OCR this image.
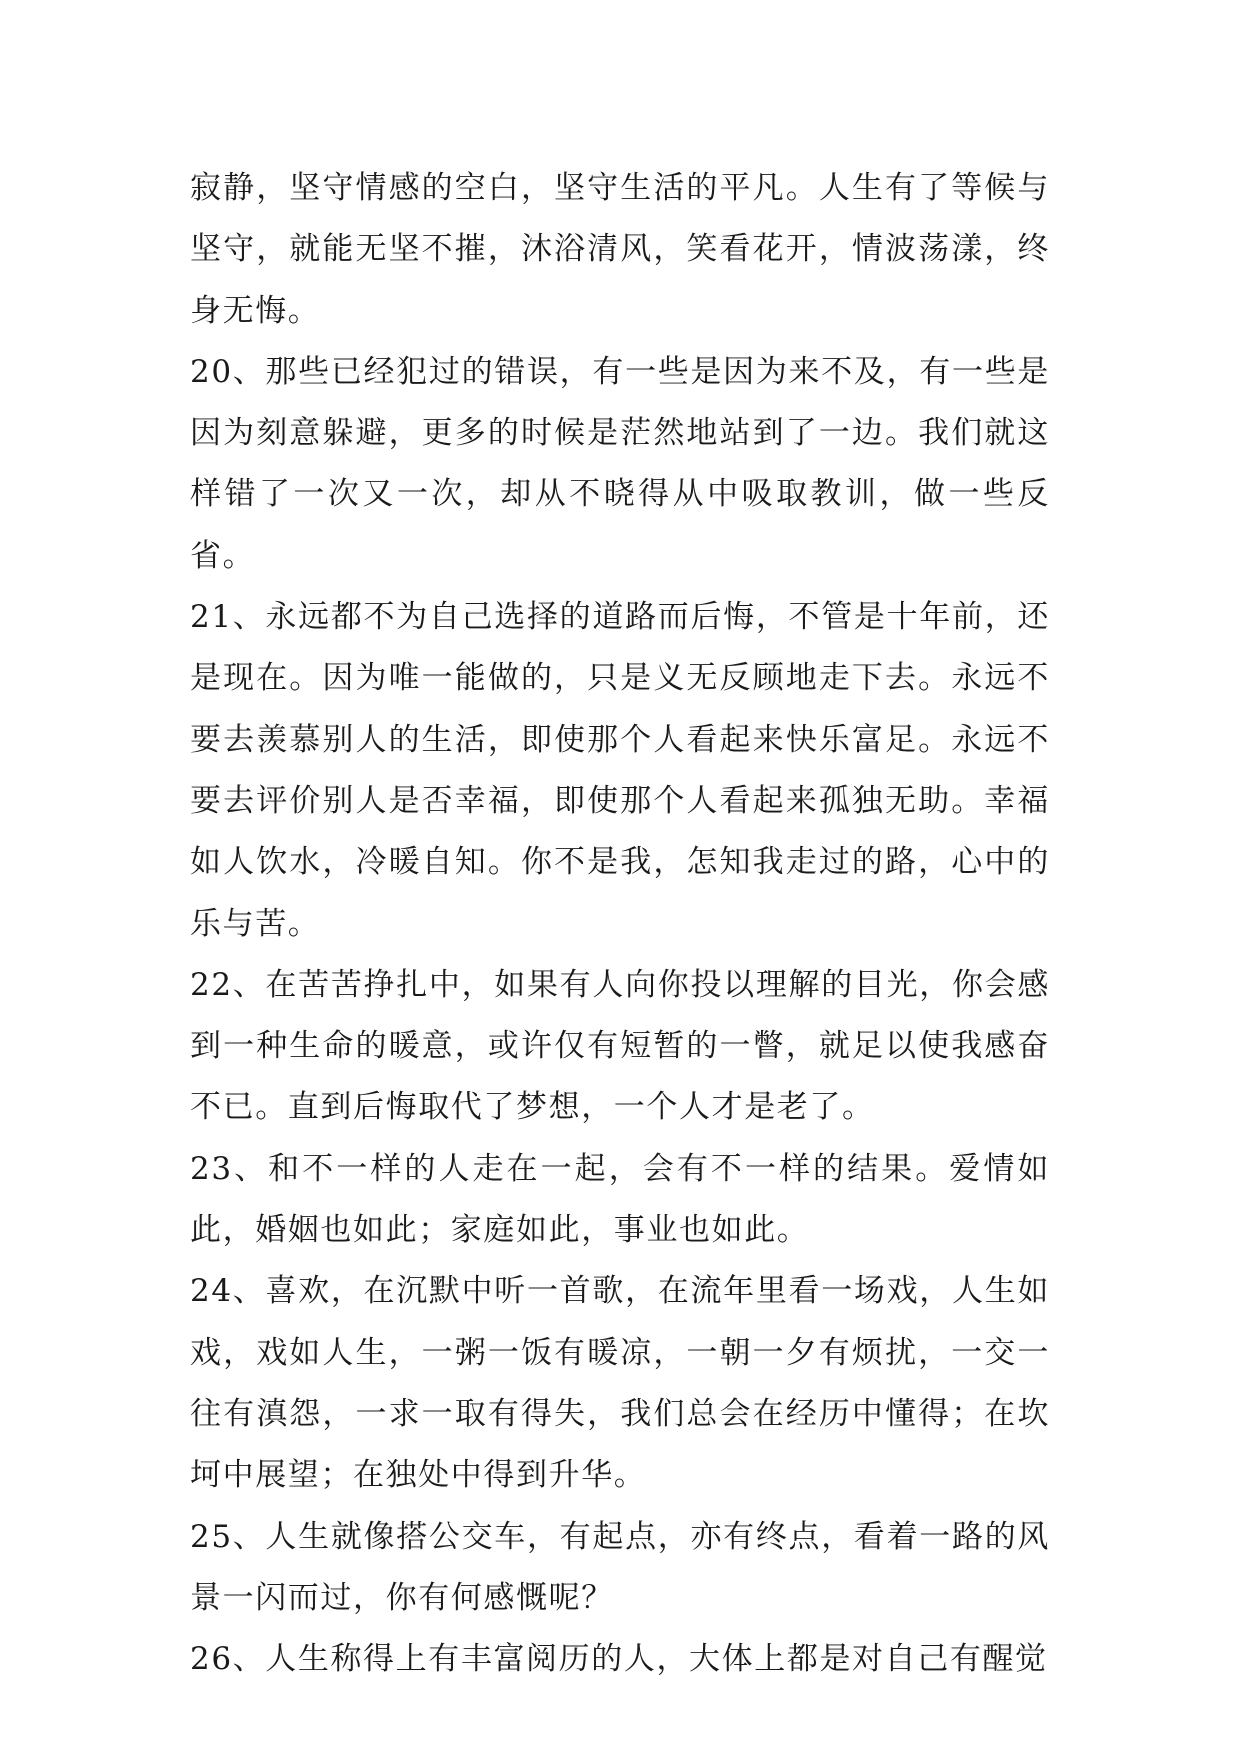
寂静，坚守情感的空白，坚守生活的平凡。人生有了等候与坚守，就能无坚不摧，沐浴清风，笑看花开，情波荡漾，终身无悔。

20、那些已经犯过的错误，有一些是因为来不及，有一些是因为刻意躲避，更多的时候是茫然地站到了一边。我们就这样错了一次又一次，却从不晓得从中吸取教训，做一些反省。

21、永远都不为自己选择的道路而后悔，不管是十年前，还是现在。因为唯一能做的，只是义无反顾地走下去。永远不要去羡慕别人的生活，即使那个人看起来快乐富足。永远不要去评价别人是否幸福，即使那个人看起来孤独无助。幸福如人饮水，冷暖自知。你不是我，怎知我走过的路，心中的乐与苦。

22、在苦苦挣扎中，如果有人向你投以理解的目光，你会感到一种生命的暖意，或许仅有短暂的一瞥，就足以使我感奋不已。直到后悔取代了梦想，一个人才是老了。

23、和不一样的人走在一起，会有不一样的结果。爱情如此，婚姻也如此；家庭如此，事业也如此。

24、喜欢，在沉默中听一首歌，在流年里看一场戏，人生如戏，戏如人生，一粥一饭有暖凉，一朝一夕有烦扰，一交一往有滇怨，一求一取有得失，我们总会在经历中懂得；在坎坷中展望；在独处中得到升华。

25、人生就像搭公交车，有起点，亦有终点，看着一路的风景一闪而过，你有何感慨呢？

26、人生称得上有丰富阅历的人，大体上都是对自己有醒觉
